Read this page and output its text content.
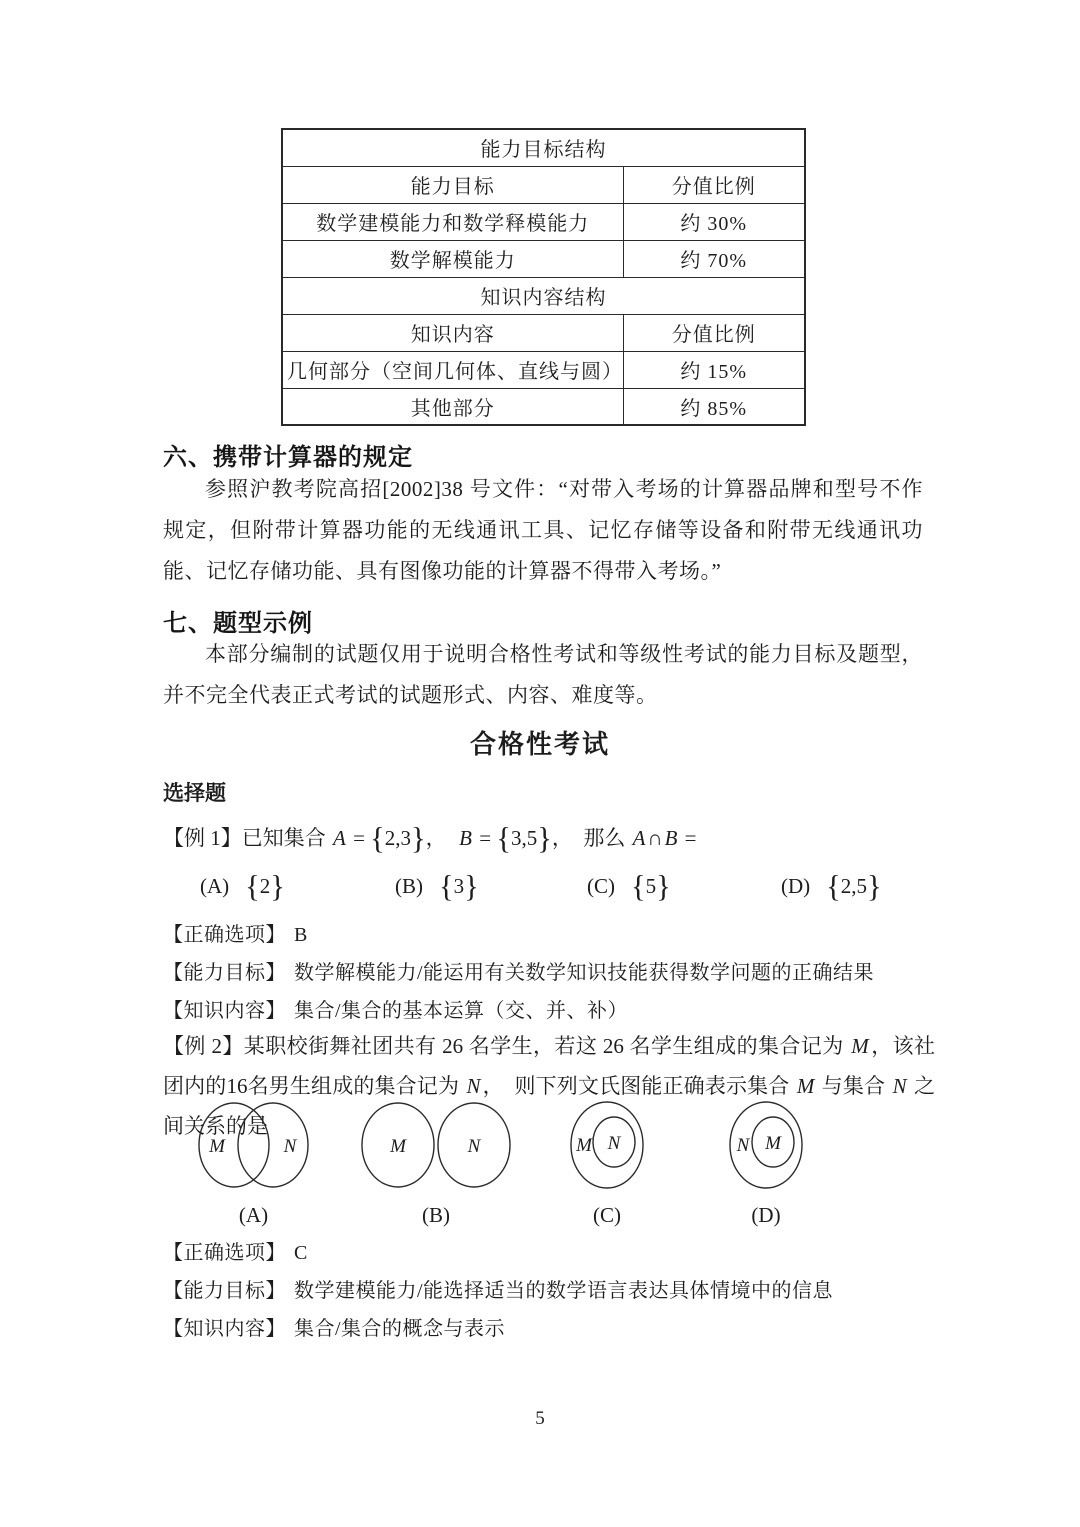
能力目标结构	
能力目标	分值比例
数学建模能力和数学释模能力	约 30%
数学解模能力	约 70%
知识内容结构	
知识内容	分值比例
几何部分（空间几何体、直线与圆）	约 15%
其他部分	约 85%
六、携带计算器的规定

参照沪教考院高招[2002]38 号文件：“对带入考场的计算器品牌和型号不作规定，但附带计算器功能的无线通讯工具、记忆存储等设备和附带无线通讯功能、记忆存储功能、具有图像功能的计算器不得带入考场。”

七、题型示例

本部分编制的试题仅用于说明合格性考试和等级性考试的能力目标及题型，并不完全代表正式考试的试题形式、内容、难度等。

合格性考试

选择题

【例 1】已知集合 A = {2,3}， B = {3,5}， 那么 A∩B =

(A) {2}	(B) {3}	(C) {5}	(D) {2,5}

【正确选项】 B

【能力目标】 数学解模能力/能运用有关数学知识技能获得数学问题的正确结果

【知识内容】 集合/集合的基本运算（交、并、补）

【例 2】某职校街舞社团共有 26 名学生，若这 26 名学生组成的集合记为 M，该社团内的16名男生组成的集合记为 N， 则下列文氏图能正确表示集合 M 与集合 N 之间关系的是

M	N
(A)
M	N
(B)
M N
(C)
N M
(D)

【正确选项】 C

【能力目标】 数学建模能力/能选择适当的数学语言表达具体情境中的信息

【知识内容】 集合/集合的概念与表示

5
